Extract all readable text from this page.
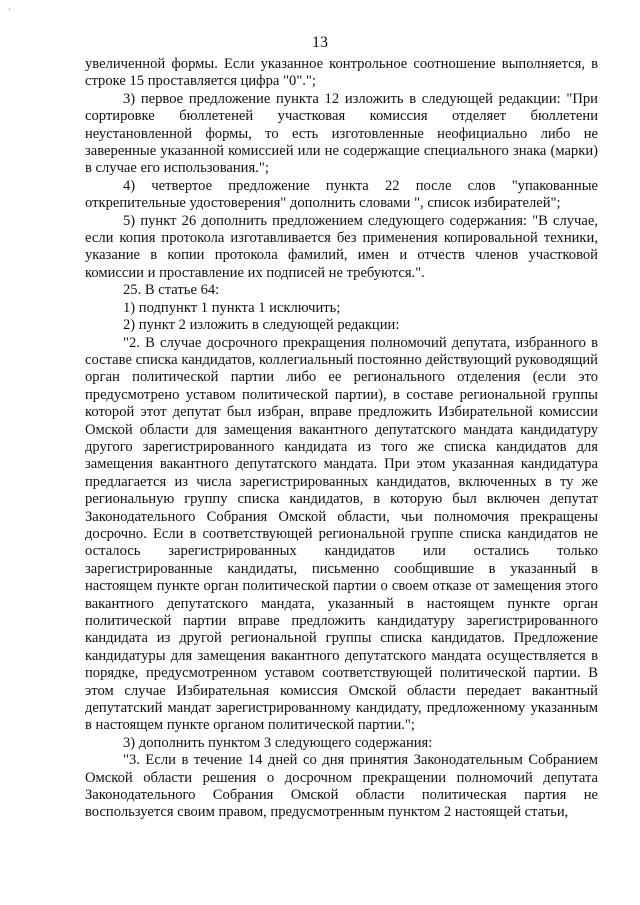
'
13

увеличенной формы. Если указанное контрольное соотношение выполняется, в строке 15 проставляется цифра "0".";

3) первое предложение пункта 12 изложить в следующей редакции: "При сортировке бюллетеней участковая комиссия отделяет бюллетени неустановленной формы, то есть изготовленные неофициально либо не заверенные указанной комиссией или не содержащие специального знака (марки) в случае его использования.";

4) четвертое предложение пункта 22 после слов "упакованные открепительные удостоверения" дополнить словами ", список избирателей";

5) пункт 26 дополнить предложением следующего содержания: "В случае, если копия протокола изготавливается без применения копировальной техники, указание в копии протокола фамилий, имен и отчеств членов участковой комиссии и проставление их подписей не требуются.".

25. В статье 64:

1) подпункт 1 пункта 1 исключить;

2) пункт 2 изложить в следующей редакции:

"2. В случае досрочного прекращения полномочий депутата, избранного в составе списка кандидатов, коллегиальный постоянно действующий руководящий орган политической партии либо ее регионального отделения (если это предусмотрено уставом политической партии), в составе региональной группы которой этот депутат был избран, вправе предложить Избирательной комиссии Омской области для замещения вакантного депутатского мандата кандидатуру другого зарегистрированного кандидата из того же списка кандидатов для замещения вакантного депутатского мандата. При этом указанная кандидатура предлагается из числа зарегистрированных кандидатов, включенных в ту же региональную группу списка кандидатов, в которую был включен депутат Законодательного Собрания Омской области, чьи полномочия прекращены досрочно. Если в соответствующей региональной группе списка кандидатов не осталось зарегистрированных кандидатов или остались только зарегистрированные кандидаты, письменно сообщившие в указанный в настоящем пункте орган политической партии о своем отказе от замещения этого вакантного депутатского мандата, указанный в настоящем пункте орган политической партии вправе предложить кандидатуру зарегистрированного кандидата из другой региональной группы списка кандидатов. Предложение кандидатуры для замещения вакантного депутатского мандата осуществляется в порядке, предусмотренном уставом соответствующей политической партии. В этом случае Избирательная комиссия Омской области передает вакантный депутатский мандат зарегистрированному кандидату, предложенному указанным в настоящем пункте органом политической партии.";

3) дополнить пунктом 3 следующего содержания:

"3. Если в течение 14 дней со дня принятия Законодательным Собранием Омской области решения о досрочном прекращении полномочий депутата Законодательного Собрания Омской области политическая партия не воспользуется своим правом, предусмотренным пунктом 2 настоящей статьи,
